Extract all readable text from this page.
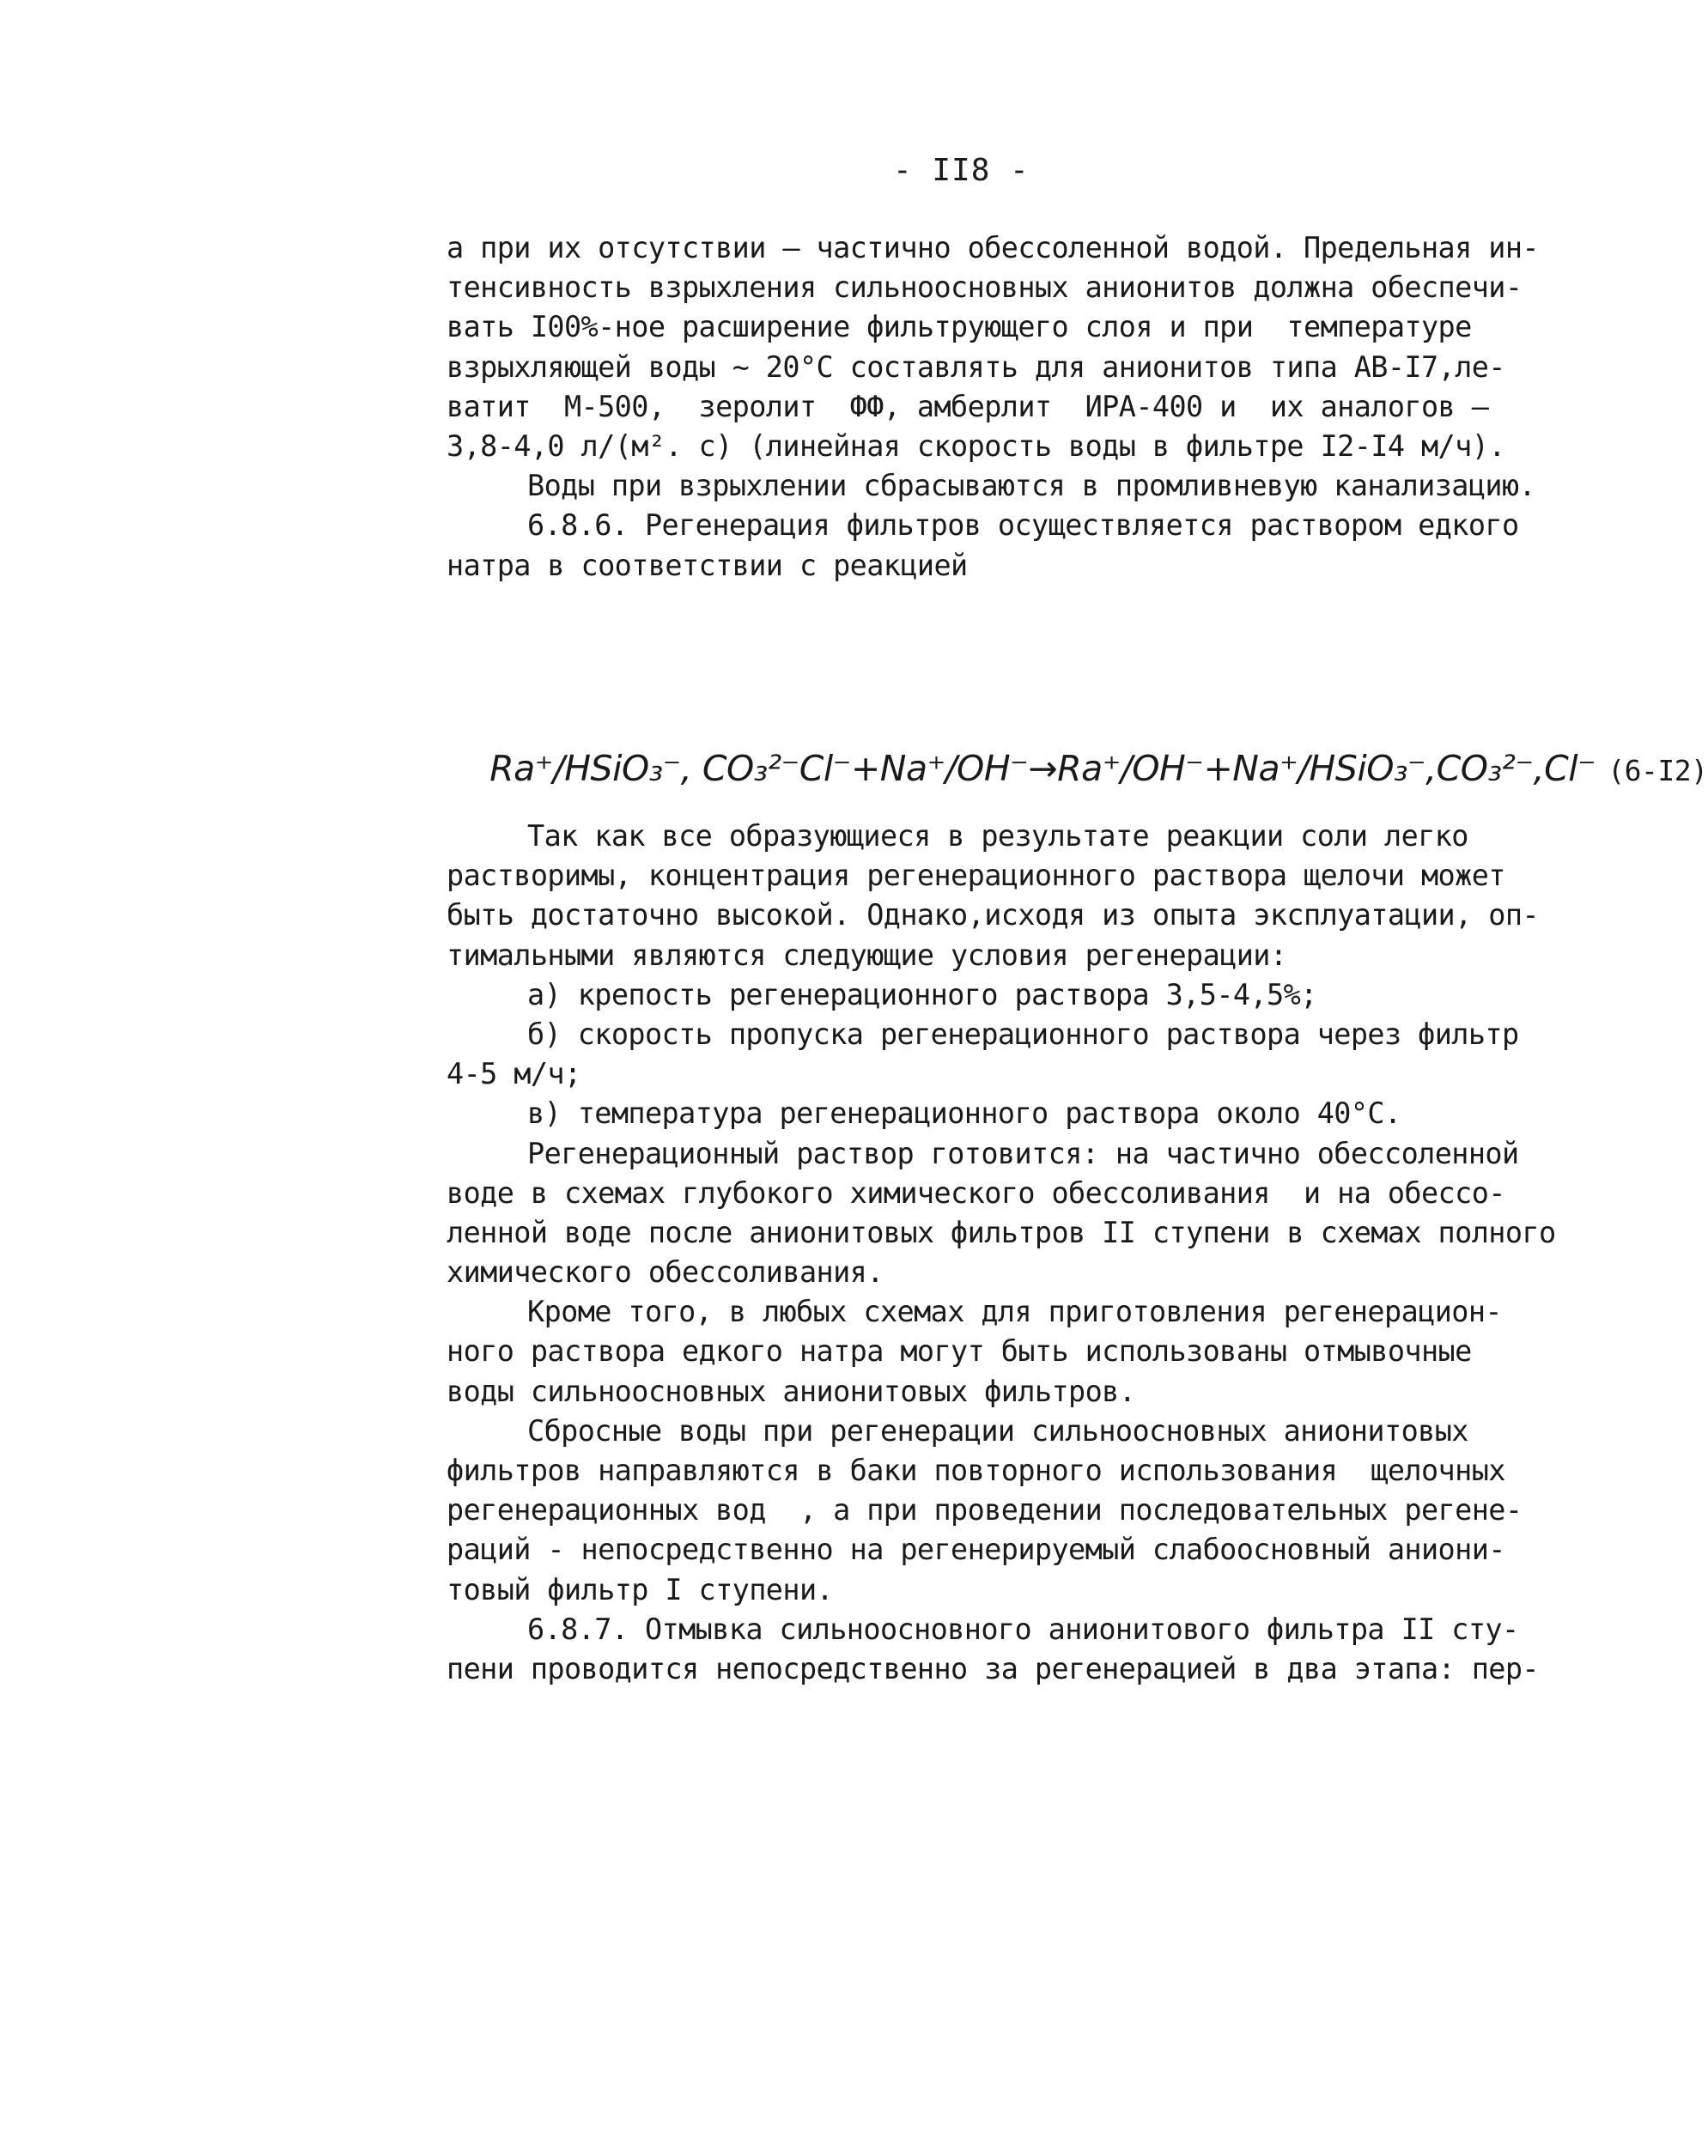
- II8 -
а при их отсутствии – частично обессоленной водой. Предельная ин-
тенсивность взрыхления сильноосновных анионитов должна обеспечи-
вать I00%-ное расширение фильтрующего слоя и при  температуре
взрыхляющей воды ~ 20°С составлять для анионитов типа АВ-I7,ле-
ватит  М-500,  зеролит  ФФ, амберлит  ИРА-400 и  их аналогов –
3,8-4,0 л/(м². с) (линейная скорость воды в фильтре I2-I4 м/ч).
Воды при взрыхлении сбрасываются в промливневую канализацию.
6.8.6. Регенерация фильтров осуществляется раствором едкого
натра в соответствии с реакцией

Rа⁺/HSiO₃⁻, CO₃²⁻Cl⁻+Na⁺/OH⁻→Rа⁺/OH⁻+Na⁺/HSiO₃⁻,CO₃²⁻,Cl⁻ (6-I2)

Так как все образующиеся в результате реакции соли легко
растворимы, концентрация регенерационного раствора щелочи может
быть достаточно высокой. Однако,исходя из опыта эксплуатации, оп-
тимальными являются следующие условия регенерации:
а) крепость регенерационного раствора 3,5-4,5%;
б) скорость пропуска регенерационного раствора через фильтр
4-5 м/ч;
в) температура регенерационного раствора около 40°С.
Регенерационный раствор готовится: на частично обессоленной
воде в схемах глубокого химического обессоливания  и на обессо-
ленной воде после анионитовых фильтров II ступени в схемах полного
химического обессоливания.
Кроме того, в любых схемах для приготовления регенерацион-
ного раствора едкого натра могут быть использованы отмывочные
воды сильноосновных анионитовых фильтров.
Сбросные воды при регенерации сильноосновных анионитовых
фильтров направляются в баки повторного использования  щелочных
регенерационных вод  , а при проведении последовательных регене-
раций - непосредственно на регенерируемый слабоосновный аниони-
товый фильтр I ступени.
6.8.7. Отмывка сильноосновного анионитового фильтра II сту-
пени проводится непосредственно за регенерацией в два этапа: пер-
